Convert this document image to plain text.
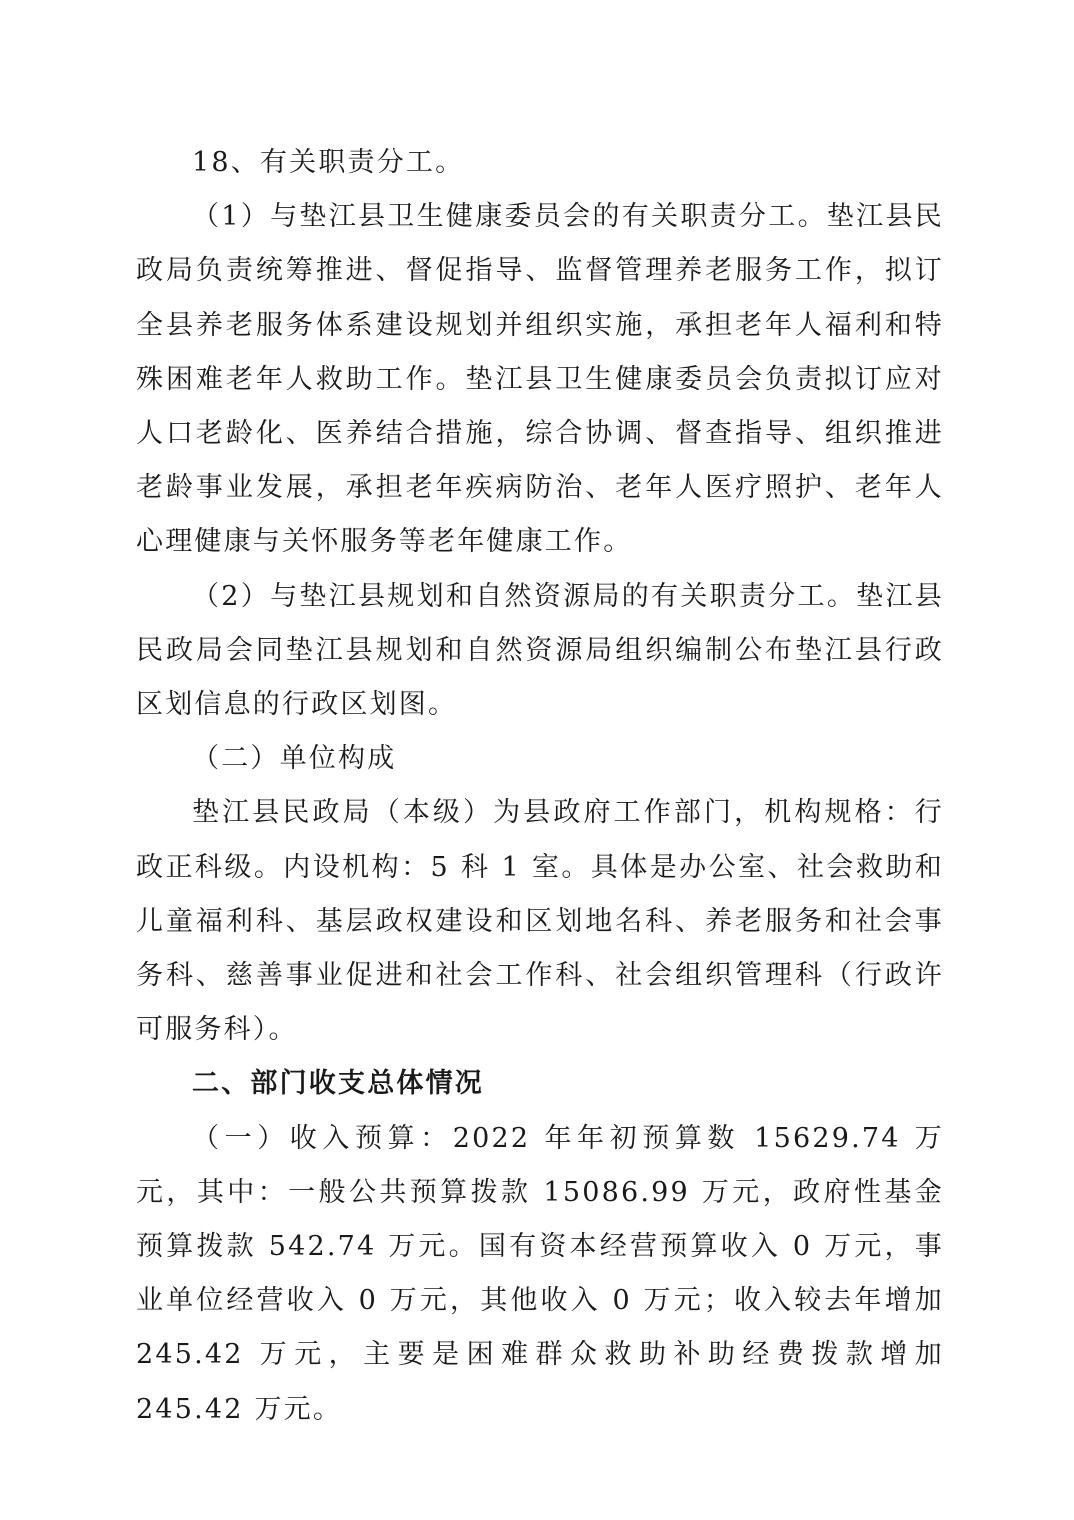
18、有关职责分工。

（1）与垫江县卫生健康委员会的有关职责分工。垫江县民政局负责统筹推进、督促指导、监督管理养老服务工作，拟订全县养老服务体系建设规划并组织实施，承担老年人福利和特殊困难老年人救助工作。垫江县卫生健康委员会负责拟订应对人口老龄化、医养结合措施，综合协调、督查指导、组织推进老龄事业发展，承担老年疾病防治、老年人医疗照护、老年人心理健康与关怀服务等老年健康工作。

（2）与垫江县规划和自然资源局的有关职责分工。垫江县民政局会同垫江县规划和自然资源局组织编制公布垫江县行政区划信息的行政区划图。

（二）单位构成

垫江县民政局（本级）为县政府工作部门，机构规格：行政正科级。内设机构：5 科 1 室。具体是办公室、社会救助和儿童福利科、基层政权建设和区划地名科、养老服务和社会事务科、慈善事业促进和社会工作科、社会组织管理科（行政许可服务科）。

二、部门收支总体情况

（一）收入预算：2022 年年初预算数 15629.74 万元，其中：一般公共预算拨款 15086.99 万元，政府性基金预算拨款 542.74 万元。国有资本经营预算收入 0 万元，事业单位经营收入 0 万元，其他收入 0 万元；收入较去年增加 245.42 万元，主要是困难群众救助补助经费拨款增加 245.42 万元。
